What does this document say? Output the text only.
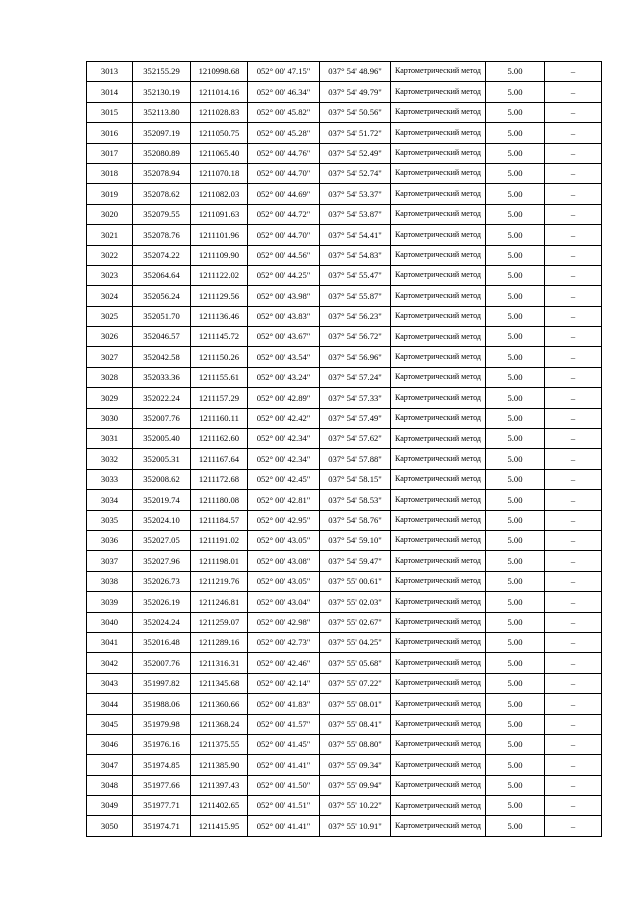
3013	352155.29	1210998.68	052° 00' 47.15"	037° 54' 48.96"	Картометрический метод	5.00	–
3014	352130.19	1211014.16	052° 00' 46.34"	037° 54' 49.79"	Картометрический метод	5.00	–
3015	352113.80	1211028.83	052° 00' 45.82"	037° 54' 50.56"	Картометрический метод	5.00	–
3016	352097.19	1211050.75	052° 00' 45.28"	037° 54' 51.72"	Картометрический метод	5.00	–
3017	352080.89	1211065.40	052° 00' 44.76"	037° 54' 52.49"	Картометрический метод	5.00	–
3018	352078.94	1211070.18	052° 00' 44.70"	037° 54' 52.74"	Картометрический метод	5.00	–
3019	352078.62	1211082.03	052° 00' 44.69"	037° 54' 53.37"	Картометрический метод	5.00	–
3020	352079.55	1211091.63	052° 00' 44.72"	037° 54' 53.87"	Картометрический метод	5.00	–
3021	352078.76	1211101.96	052° 00' 44.70"	037° 54' 54.41"	Картометрический метод	5.00	–
3022	352074.22	1211109.90	052° 00' 44.56"	037° 54' 54.83"	Картометрический метод	5.00	–
3023	352064.64	1211122.02	052° 00' 44.25"	037° 54' 55.47"	Картометрический метод	5.00	–
3024	352056.24	1211129.56	052° 00' 43.98"	037° 54' 55.87"	Картометрический метод	5.00	–
3025	352051.70	1211136.46	052° 00' 43.83"	037° 54' 56.23"	Картометрический метод	5.00	–
3026	352046.57	1211145.72	052° 00' 43.67"	037° 54' 56.72"	Картометрический метод	5.00	–
3027	352042.58	1211150.26	052° 00' 43.54"	037° 54' 56.96"	Картометрический метод	5.00	–
3028	352033.36	1211155.61	052° 00' 43.24"	037° 54' 57.24"	Картометрический метод	5.00	–
3029	352022.24	1211157.29	052° 00' 42.89"	037° 54' 57.33"	Картометрический метод	5.00	–
3030	352007.76	1211160.11	052° 00' 42.42"	037° 54' 57.49"	Картометрический метод	5.00	–
3031	352005.40	1211162.60	052° 00' 42.34"	037° 54' 57.62"	Картометрический метод	5.00	–
3032	352005.31	1211167.64	052° 00' 42.34"	037° 54' 57.88"	Картометрический метод	5.00	–
3033	352008.62	1211172.68	052° 00' 42.45"	037° 54' 58.15"	Картометрический метод	5.00	–
3034	352019.74	1211180.08	052° 00' 42.81"	037° 54' 58.53"	Картометрический метод	5.00	–
3035	352024.10	1211184.57	052° 00' 42.95"	037° 54' 58.76"	Картометрический метод	5.00	–
3036	352027.05	1211191.02	052° 00' 43.05"	037° 54' 59.10"	Картометрический метод	5.00	–
3037	352027.96	1211198.01	052° 00' 43.08"	037° 54' 59.47"	Картометрический метод	5.00	–
3038	352026.73	1211219.76	052° 00' 43.05"	037° 55' 00.61"	Картометрический метод	5.00	–
3039	352026.19	1211246.81	052° 00' 43.04"	037° 55' 02.03"	Картометрический метод	5.00	–
3040	352024.24	1211259.07	052° 00' 42.98"	037° 55' 02.67"	Картометрический метод	5.00	–
3041	352016.48	1211289.16	052° 00' 42.73"	037° 55' 04.25"	Картометрический метод	5.00	–
3042	352007.76	1211316.31	052° 00' 42.46"	037° 55' 05.68"	Картометрический метод	5.00	–
3043	351997.82	1211345.68	052° 00' 42.14"	037° 55' 07.22"	Картометрический метод	5.00	–
3044	351988.06	1211360.66	052° 00' 41.83"	037° 55' 08.01"	Картометрический метод	5.00	–
3045	351979.98	1211368.24	052° 00' 41.57"	037° 55' 08.41"	Картометрический метод	5.00	–
3046	351976.16	1211375.55	052° 00' 41.45"	037° 55' 08.80"	Картометрический метод	5.00	–
3047	351974.85	1211385.90	052° 00' 41.41"	037° 55' 09.34"	Картометрический метод	5.00	–
3048	351977.66	1211397.43	052° 00' 41.50"	037° 55' 09.94"	Картометрический метод	5.00	–
3049	351977.71	1211402.65	052° 00' 41.51"	037° 55' 10.22"	Картометрический метод	5.00	–
3050	351974.71	1211415.95	052° 00' 41.41"	037° 55' 10.91"	Картометрический метод	5.00	–
